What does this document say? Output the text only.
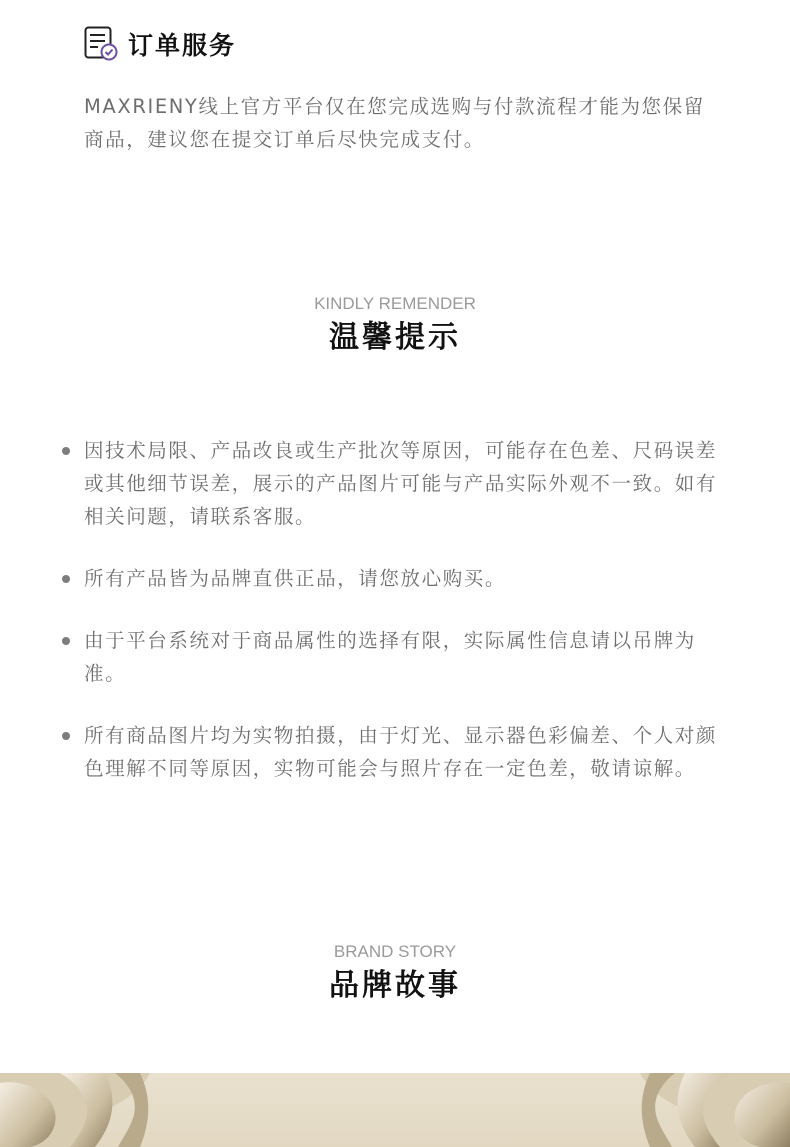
订单服务

MAXRIENY线上官方平台仅在您完成选购与付款流程才能为您保留商品，建议您在提交订单后尽快完成支付。

KINDLY REMENDER
温馨提示
因技术局限、产品改良或生产批次等原因，可能存在色差、尺码误差或其他细节误差，展示的产品图片可能与产品实际外观不一致。如有相关问题，请联系客服。
所有产品皆为品牌直供正品，请您放心购买。
由于平台系统对于商品属性的选择有限，实际属性信息请以吊牌为准。
所有商品图片均为实物拍摄，由于灯光、显示器色彩偏差、个人对颜色理解不同等原因，实物可能会与照片存在一定色差，敬请谅解。
BRAND STORY
品牌故事
